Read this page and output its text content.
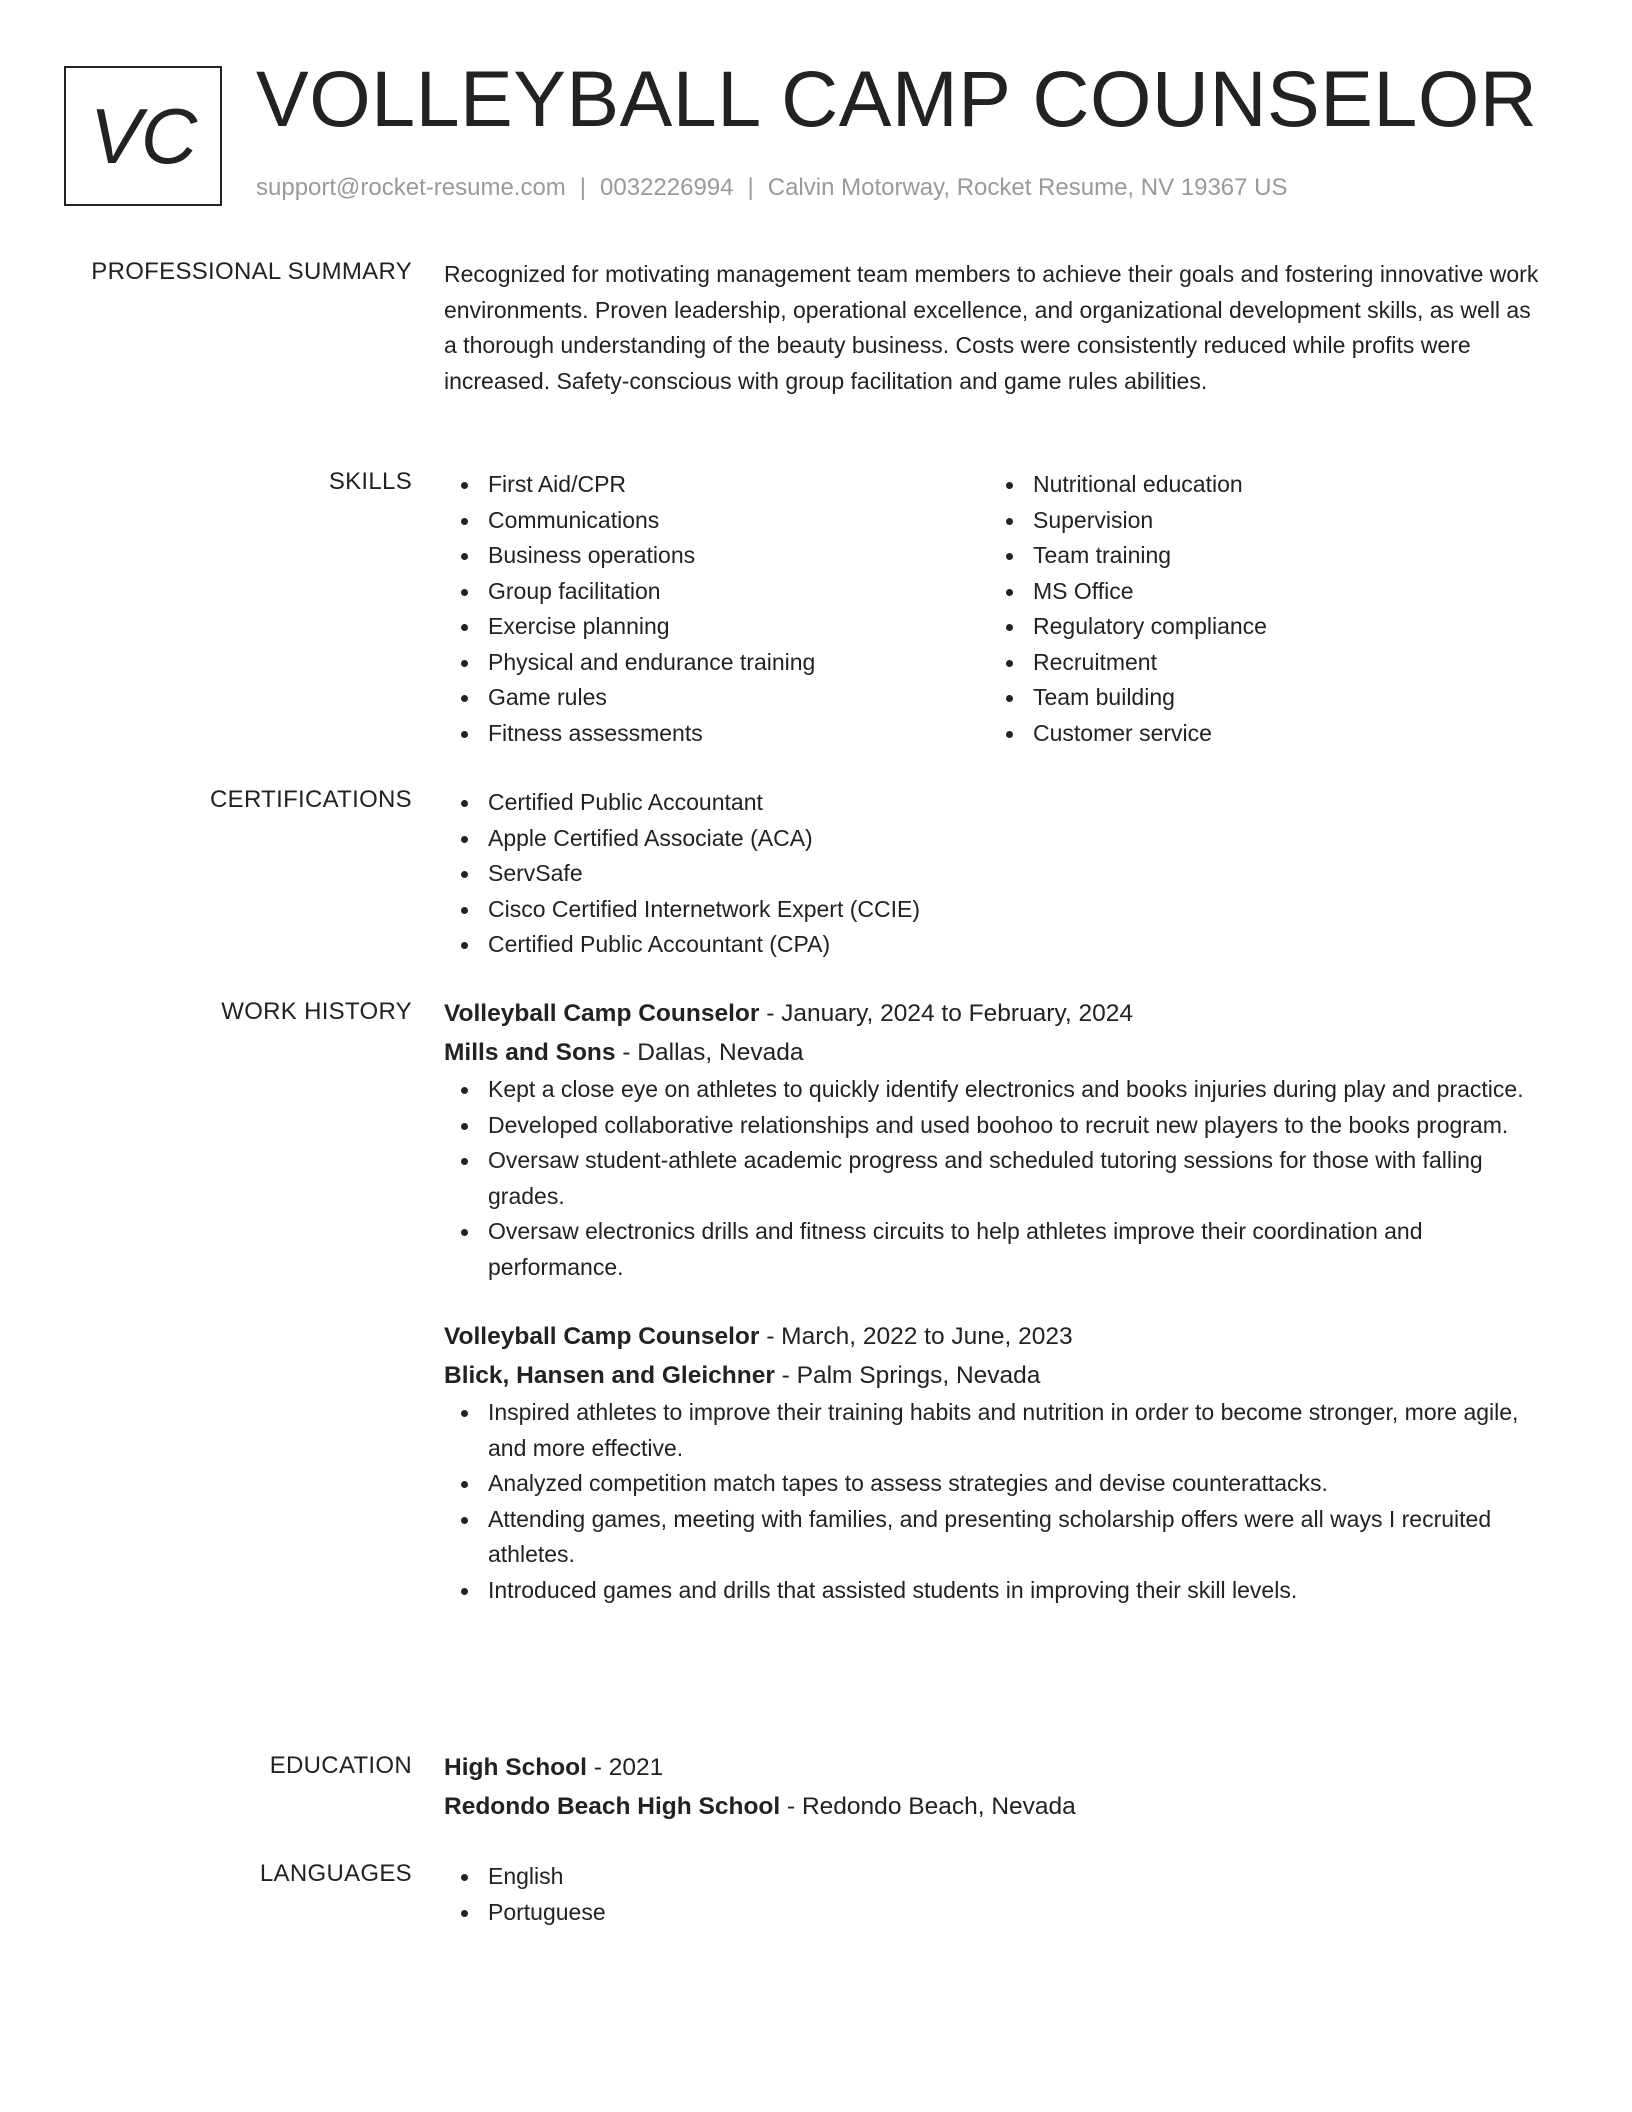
VC VOLLEYBALL CAMP COUNSELOR
support@rocket-resume.com | 0032226994 | Calvin Motorway, Rocket Resume, NV 19367 US
PROFESSIONAL SUMMARY Recognized for motivating management team members to achieve their goals and fostering innovative work environments. Proven leadership, operational excellence, and organizational development skills, as well as a thorough understanding of the beauty business. Costs were consistently reduced while profits were increased. Safety-conscious with group facilitation and game rules abilities.

SKILLS	First Aid/CPR
Communications
Business operations
Group facilitation
Exercise planning
Physical and endurance training
Game rules
Fitness assessments
Nutritional education
Supervision
Team training
MS Office
Regulatory compliance
Recruitment
Team building
Customer service
CERTIFICATIONS	Certified Public Accountant
Apple Certified Associate (ACA)
ServSafe
Cisco Certified Internetwork Expert (CCIE)
Certified Public Accountant (CPA)
WORK HISTORY Volleyball Camp Counselor - January, 2024 to February, 2024
Mills and Sons - Dallas, Nevada
Kept a close eye on athletes to quickly identify electronics and books injuries during play and practice.
Developed collaborative relationships and used boohoo to recruit new players to the books program.
Oversaw student-athlete academic progress and scheduled tutoring sessions for those with falling grades.
Oversaw electronics drills and fitness circuits to help athletes improve their coordination and performance.
Volleyball Camp Counselor - March, 2022 to June, 2023
Blick, Hansen and Gleichner - Palm Springs, Nevada
Inspired athletes to improve their training habits and nutrition in order to become stronger, more agile, and more effective.
Analyzed competition match tapes to assess strategies and devise counterattacks.
Attending games, meeting with families, and presenting scholarship offers were all ways I recruited athletes.
Introduced games and drills that assisted students in improving their skill levels.
EDUCATION High School - 2021
Redondo Beach High School - Redondo Beach, Nevada
LANGUAGES	English
Portuguese
